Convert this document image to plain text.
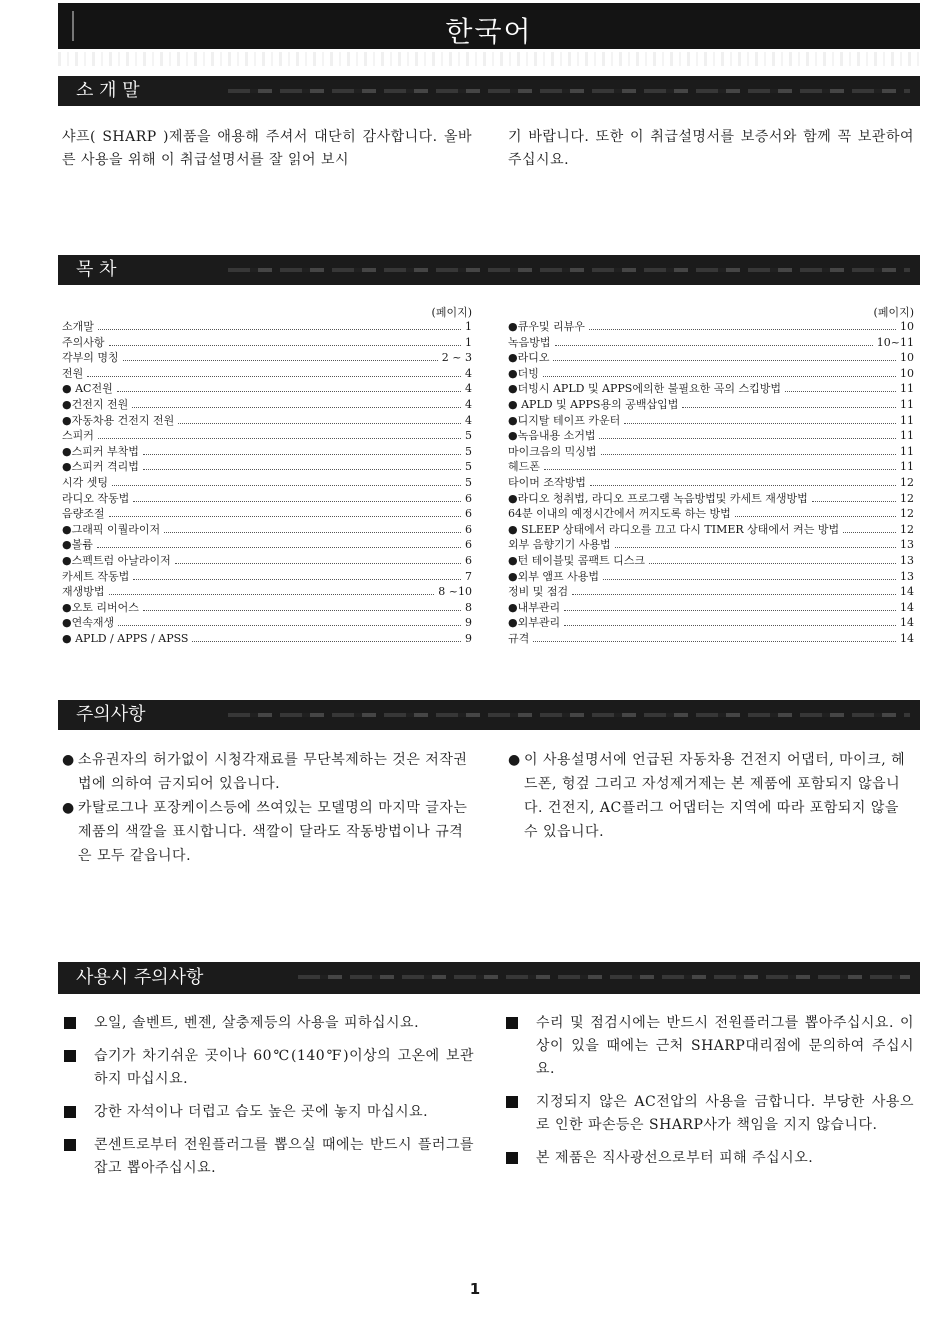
한국어
소 개 말
샤프( SHARP )제품을 애용해 주셔서 대단히 감사합니다. 올바른 사용을 위해 이 취급설명서를 잘 읽어 보시
기 바랍니다. 또한 이 취급설명서를 보증서와 함께 꼭 보관하여 주십시요.
목 차
(페이지)
소개말	1
주의사항	1
각부의 명칭	2 ~ 3
전원	4
● AC전원	4
●건전지 전원	4
●자동차용 건전지 전원	4
스피커	5
●스피커 부착법	5
●스피커 격리법	5
시각 셋팅	5
라디오 작동법	6
음량조절	6
●그래픽 이퀄라이저	6
●볼륨	6
●스펙트럼 아날라이저	6
카세트 작동법	7
재생방법	8 ~10
●오토 리버어스	8
●연속재생	9
● APLD / APPS / APSS	9
(페이지)
●큐우및 리뷰우	10
녹음방법	10~11
●라디오	10
●더빙	10
●더빙시 APLD 및 APPS에의한 불필요한 곡의 스킵방법	11
● APLD 및 APPS용의 공백삽입법	11
●디지탈 테이프 카운터	11
●녹음내용 소거법	11
마이크음의 믹싱법	11
헤드폰	11
타이머 조작방법	12
●라디오 청취법, 라디오 프로그램 녹음방법및 카세트 재생방법	12
64분 이내의 예정시간에서 꺼지도록 하는 방법	12
● SLEEP 상태에서 라디오를 끄고 다시 TIMER 상태에서 켜는 방법	12
외부 음향기기 사용법	13
●턴 테이블및 콤팩트 디스크	13
●외부 앰프 사용법	13
정비 및 점검	14
●내부관리	14
●외부관리	14
규격	14
주의사항
● 소유권자의 허가없이 시청각재료를 무단복제하는 것은 저작권법에 의하여 금지되어 있읍니다.
● 카탈로그나 포장케이스등에 쓰여있는 모델명의 마지막 글자는 제품의 색깔을 표시합니다. 색깔이 달라도 작동방법이나 규격은 모두 같읍니다.
● 이 사용설명서에 언급된 자동차용 건전지 어댑터, 마이크, 헤드폰, 헝겊 그리고 자성제거제는 본 제품에 포함되지 않읍니다. 건전지, AC플러그 어댑터는 지역에 따라 포함되지 않을 수 있읍니다.
사용시 주의사항
오일, 솔벤트, 벤젠, 살충제등의 사용을 피하십시요.
습기가 차기쉬운 곳이나 60℃(140℉)이상의 고온에 보관하지 마십시요.
강한 자석이나 더럽고 습도 높은 곳에 놓지 마십시요.
콘센트로부터 전원플러그를 뽑으실 때에는 반드시 플러그를 잡고 뽑아주십시요.
수리 및 점검시에는 반드시 전원플러그를 뽑아주십시요. 이상이 있을 때에는 근처 SHARP대리점에 문의하여 주십시요.
지정되지 않은 AC전압의 사용을 금합니다. 부당한 사용으로 인한 파손등은 SHARP사가 책임을 지지 않습니다.
본 제품은 직사광선으로부터 피해 주십시오.
1
